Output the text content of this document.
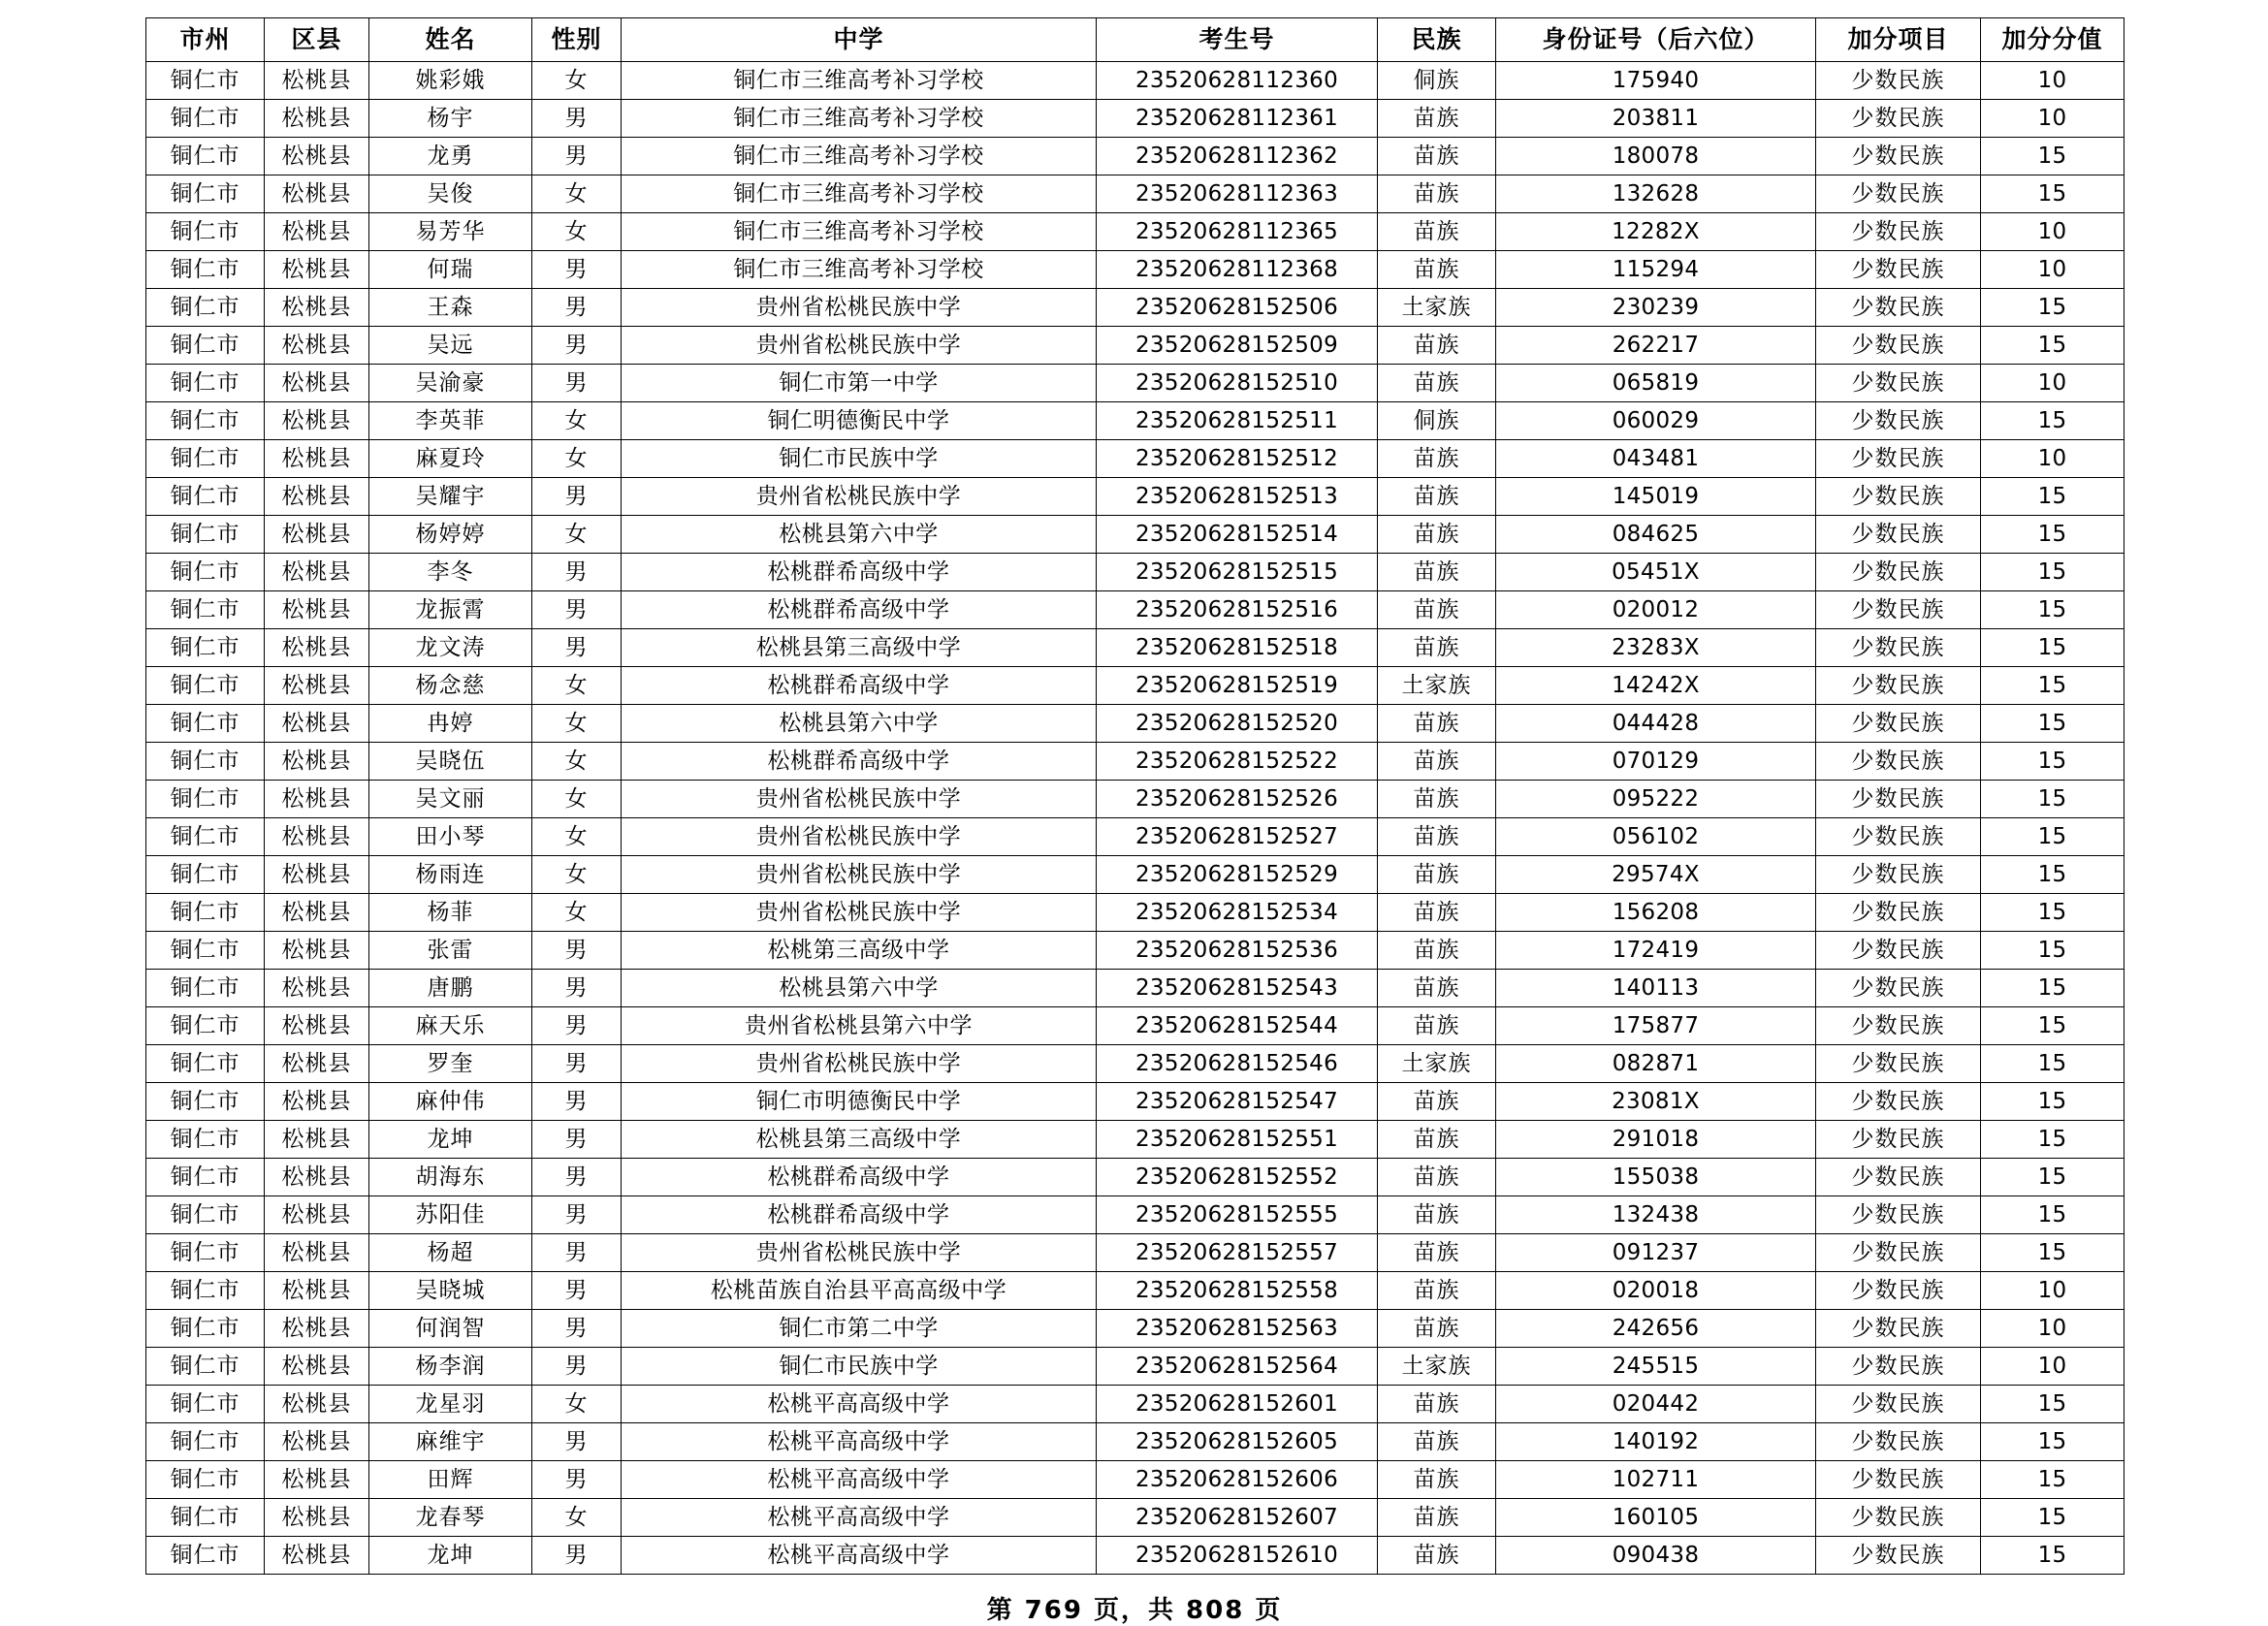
市州	区县	姓名	性别	中学	考生号	民族	身份证号（后六位）	加分项目	加分分值
铜仁市	松桃县	姚彩娥	女	铜仁市三维高考补习学校	23520628112360	侗族	175940	少数民族	10
铜仁市	松桃县	杨宇	男	铜仁市三维高考补习学校	23520628112361	苗族	203811	少数民族	10
铜仁市	松桃县	龙勇	男	铜仁市三维高考补习学校	23520628112362	苗族	180078	少数民族	15
铜仁市	松桃县	吴俊	女	铜仁市三维高考补习学校	23520628112363	苗族	132628	少数民族	15
铜仁市	松桃县	易芳华	女	铜仁市三维高考补习学校	23520628112365	苗族	12282X	少数民族	10
铜仁市	松桃县	何瑞	男	铜仁市三维高考补习学校	23520628112368	苗族	115294	少数民族	10
铜仁市	松桃县	王森	男	贵州省松桃民族中学	23520628152506	土家族	230239	少数民族	15
铜仁市	松桃县	吴远	男	贵州省松桃民族中学	23520628152509	苗族	262217	少数民族	15
铜仁市	松桃县	吴渝豪	男	铜仁市第一中学	23520628152510	苗族	065819	少数民族	10
铜仁市	松桃县	李英菲	女	铜仁明德衡民中学	23520628152511	侗族	060029	少数民族	15
铜仁市	松桃县	麻夏玲	女	铜仁市民族中学	23520628152512	苗族	043481	少数民族	10
铜仁市	松桃县	吴耀宇	男	贵州省松桃民族中学	23520628152513	苗族	145019	少数民族	15
铜仁市	松桃县	杨婷婷	女	松桃县第六中学	23520628152514	苗族	084625	少数民族	15
铜仁市	松桃县	李冬	男	松桃群希高级中学	23520628152515	苗族	05451X	少数民族	15
铜仁市	松桃县	龙振霄	男	松桃群希高级中学	23520628152516	苗族	020012	少数民族	15
铜仁市	松桃县	龙文涛	男	松桃县第三高级中学	23520628152518	苗族	23283X	少数民族	15
铜仁市	松桃县	杨念慈	女	松桃群希高级中学	23520628152519	土家族	14242X	少数民族	15
铜仁市	松桃县	冉婷	女	松桃县第六中学	23520628152520	苗族	044428	少数民族	15
铜仁市	松桃县	吴晓伍	女	松桃群希高级中学	23520628152522	苗族	070129	少数民族	15
铜仁市	松桃县	吴文丽	女	贵州省松桃民族中学	23520628152526	苗族	095222	少数民族	15
铜仁市	松桃县	田小琴	女	贵州省松桃民族中学	23520628152527	苗族	056102	少数民族	15
铜仁市	松桃县	杨雨连	女	贵州省松桃民族中学	23520628152529	苗族	29574X	少数民族	15
铜仁市	松桃县	杨菲	女	贵州省松桃民族中学	23520628152534	苗族	156208	少数民族	15
铜仁市	松桃县	张雷	男	松桃第三高级中学	23520628152536	苗族	172419	少数民族	15
铜仁市	松桃县	唐鹏	男	松桃县第六中学	23520628152543	苗族	140113	少数民族	15
铜仁市	松桃县	麻天乐	男	贵州省松桃县第六中学	23520628152544	苗族	175877	少数民族	15
铜仁市	松桃县	罗奎	男	贵州省松桃民族中学	23520628152546	土家族	082871	少数民族	15
铜仁市	松桃县	麻仲伟	男	铜仁市明德衡民中学	23520628152547	苗族	23081X	少数民族	15
铜仁市	松桃县	龙坤	男	松桃县第三高级中学	23520628152551	苗族	291018	少数民族	15
铜仁市	松桃县	胡海东	男	松桃群希高级中学	23520628152552	苗族	155038	少数民族	15
铜仁市	松桃县	苏阳佳	男	松桃群希高级中学	23520628152555	苗族	132438	少数民族	15
铜仁市	松桃县	杨超	男	贵州省松桃民族中学	23520628152557	苗族	091237	少数民族	15
铜仁市	松桃县	吴晓城	男	松桃苗族自治县平高高级中学	23520628152558	苗族	020018	少数民族	10
铜仁市	松桃县	何润智	男	铜仁市第二中学	23520628152563	苗族	242656	少数民族	10
铜仁市	松桃县	杨李润	男	铜仁市民族中学	23520628152564	土家族	245515	少数民族	10
铜仁市	松桃县	龙星羽	女	松桃平高高级中学	23520628152601	苗族	020442	少数民族	15
铜仁市	松桃县	麻维宇	男	松桃平高高级中学	23520628152605	苗族	140192	少数民族	15
铜仁市	松桃县	田辉	男	松桃平高高级中学	23520628152606	苗族	102711	少数民族	15
铜仁市	松桃县	龙春琴	女	松桃平高高级中学	23520628152607	苗族	160105	少数民族	15
铜仁市	松桃县	龙坤	男	松桃平高高级中学	23520628152610	苗族	090438	少数民族	15
第 769 页，共 808 页
